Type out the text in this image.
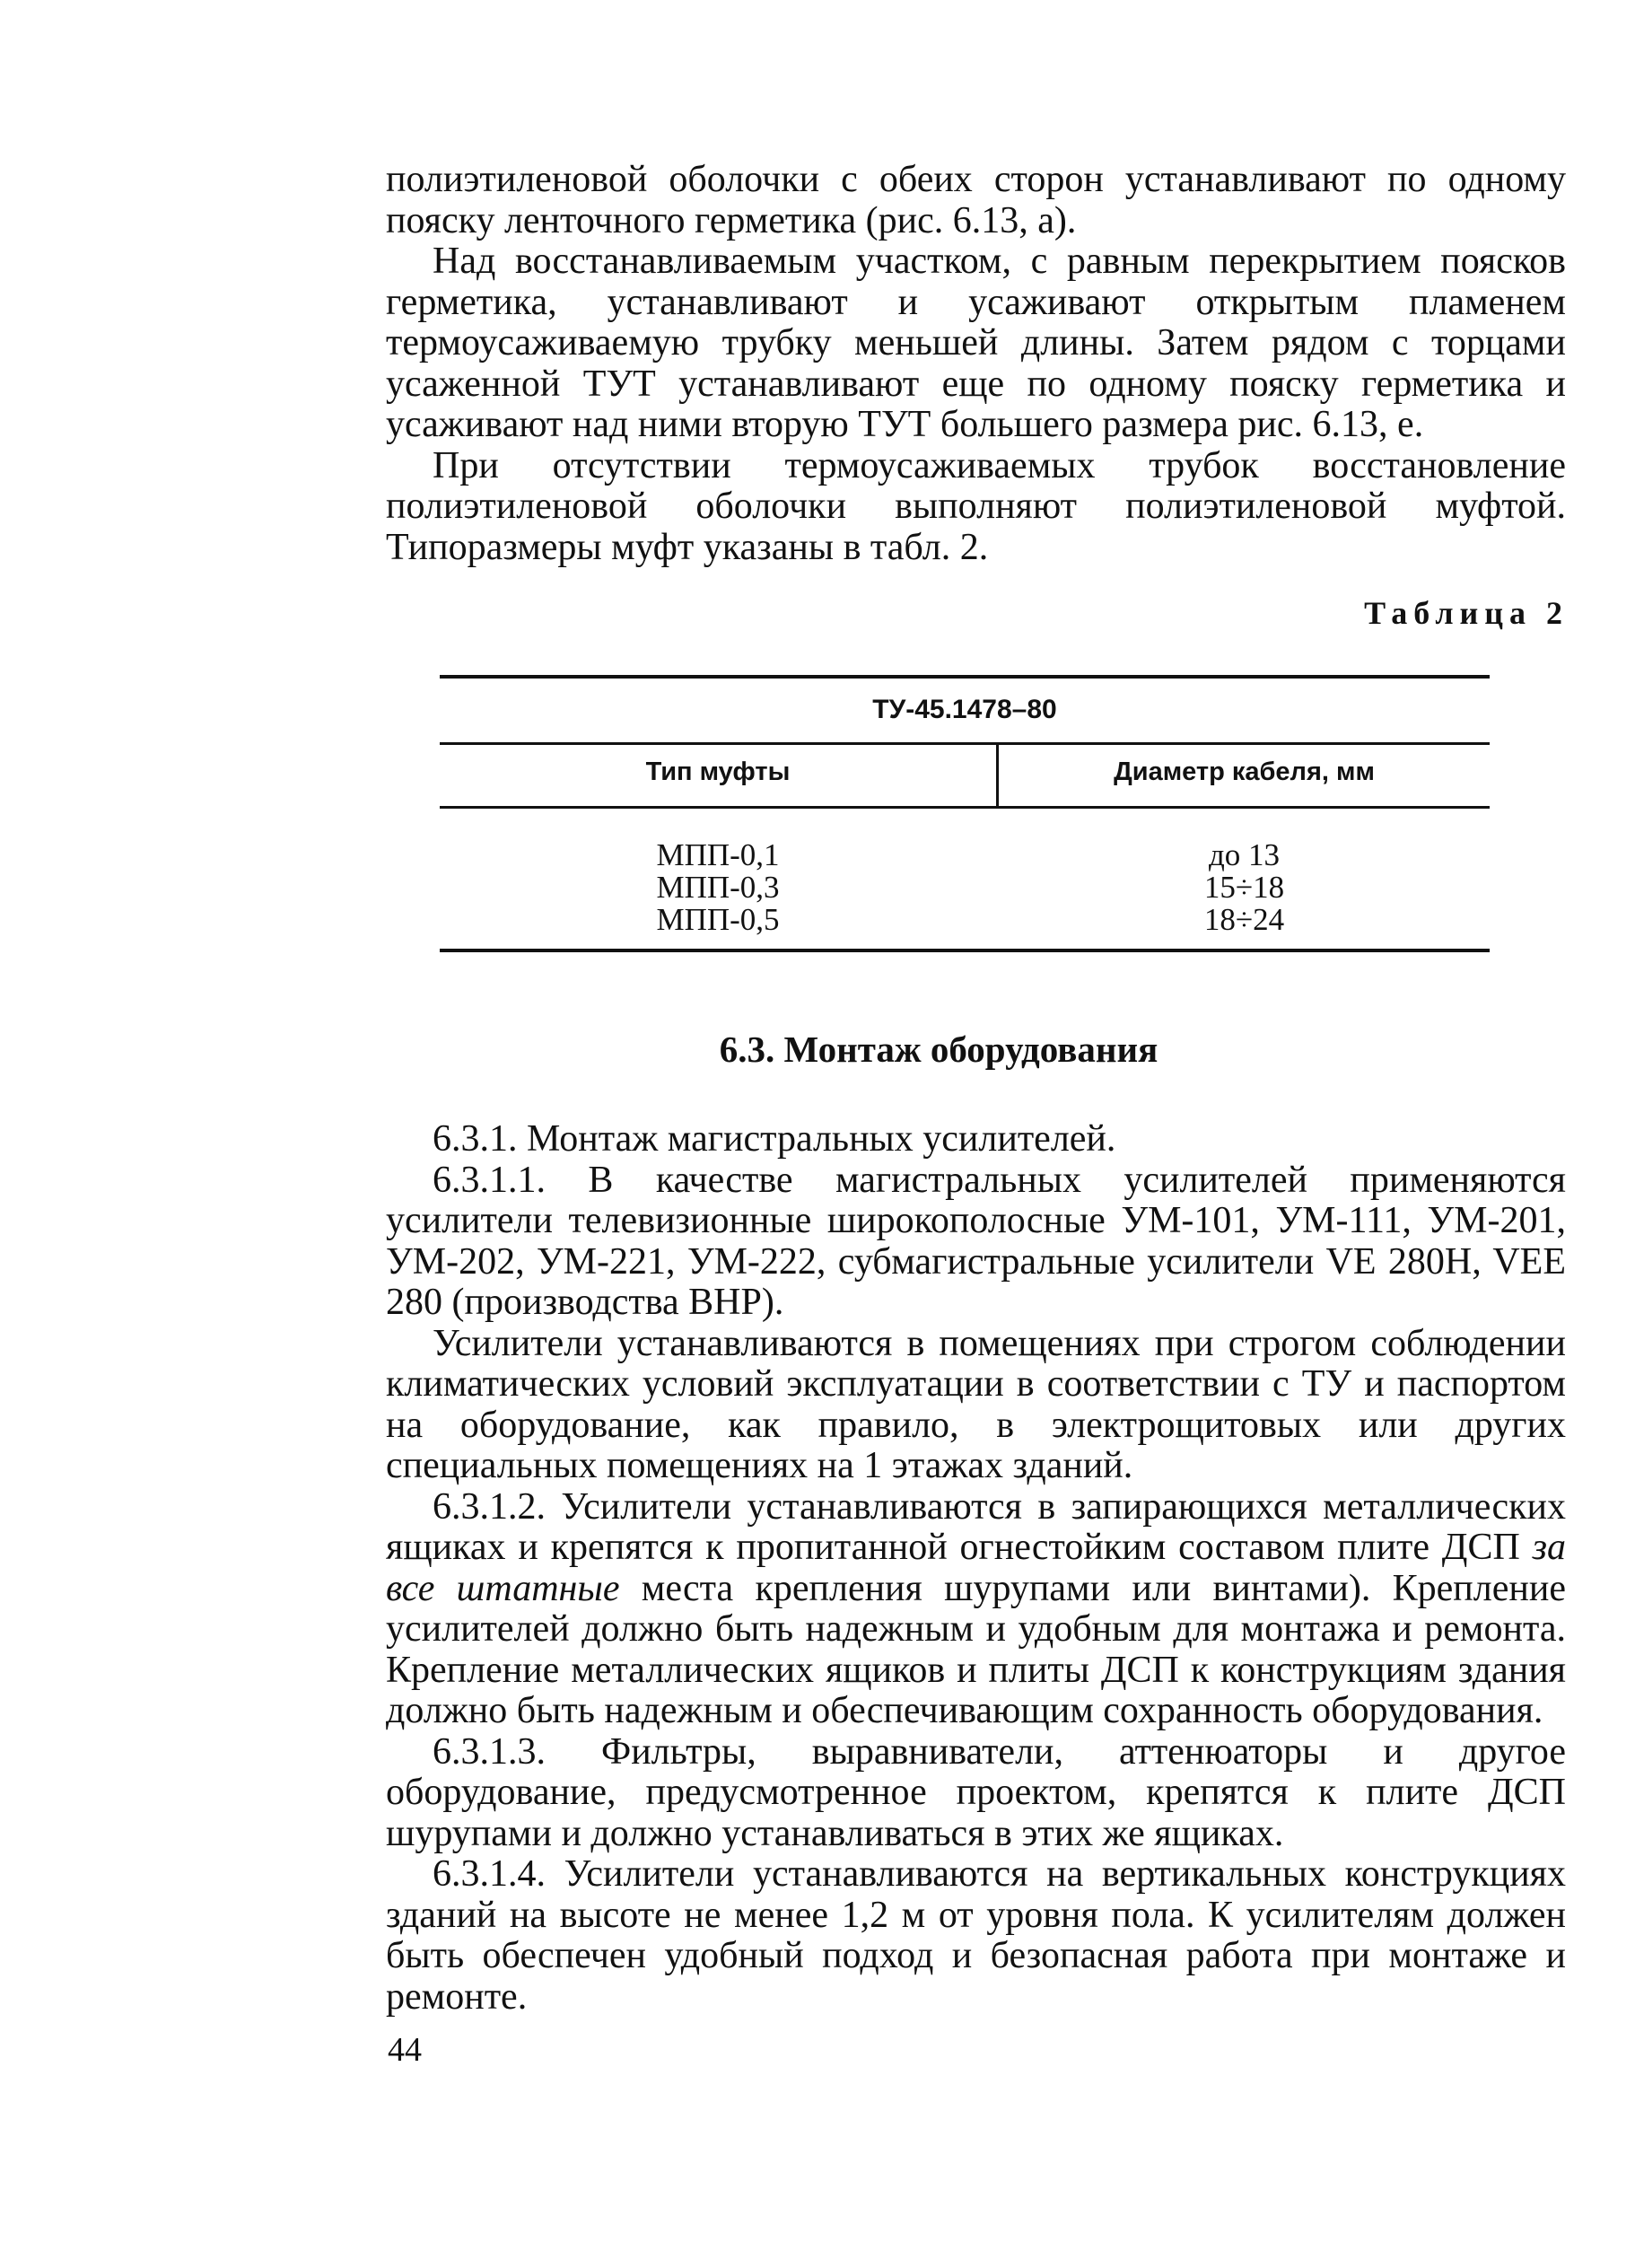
полиэтиленовой оболочки с обеих сторон устанавливают по одному пояску ленточного герметика (рис. 6.13, а).

Над восстанавливаемым участком, с равным перекрытием поясков герметика, устанавливают и усаживают открытым пламенем термоусаживаемую трубку меньшей длины. Затем рядом с торцами усаженной ТУТ устанавливают еще по одному пояску герметика и усаживают над ними вторую ТУТ большего размера рис. 6.13, е.

При отсутствии термоусаживаемых трубок восстановление полиэтиленовой оболочки выполняют полиэтиленовой муфтой. Типоразмеры муфт указаны в табл. 2.

Таблица 2
ТУ-45.1478–80
Тип муфты	Диаметр кабеля, мм
МПП-0,1	до 13
МПП-0,3	15÷18
МПП-0,5	18÷24
6.3. Монтаж оборудования

6.3.1. Монтаж магистральных усилителей.

6.3.1.1. В качестве магистральных усилителей применяются усилители телевизионные широкополосные УМ-101, УМ-111, УМ-201, УМ-202, УМ-221, УМ-222, субмагистральные усилители VE 280H, VEE 280 (производства ВНР).

Усилители устанавливаются в помещениях при строгом соблюдении климатических условий эксплуатации в соответствии с ТУ и паспортом на оборудование, как правило, в электрощитовых или других специальных помещениях на 1 этажах зданий.

6.3.1.2. Усилители устанавливаются в запирающихся металлических ящиках и крепятся к пропитанной огнестойким составом плите ДСП за все штатные места крепления шурупами или винтами). Крепление усилителей должно быть надежным и удобным для монтажа и ремонта. Крепление металлических ящиков и плиты ДСП к конструкциям здания должно быть надежным и обеспечивающим сохранность оборудования.

6.3.1.3. Фильтры, выравниватели, аттенюаторы и другое оборудование, предусмотренное проектом, крепятся к плите ДСП шурупами и должно устанавливаться в этих же ящиках.

6.3.1.4. Усилители устанавливаются на вертикальных конструкциях зданий на высоте не менее 1,2 м от уровня пола. К усилителям должен быть обеспечен удобный подход и безопасная работа при монтаже и ремонте.

44
